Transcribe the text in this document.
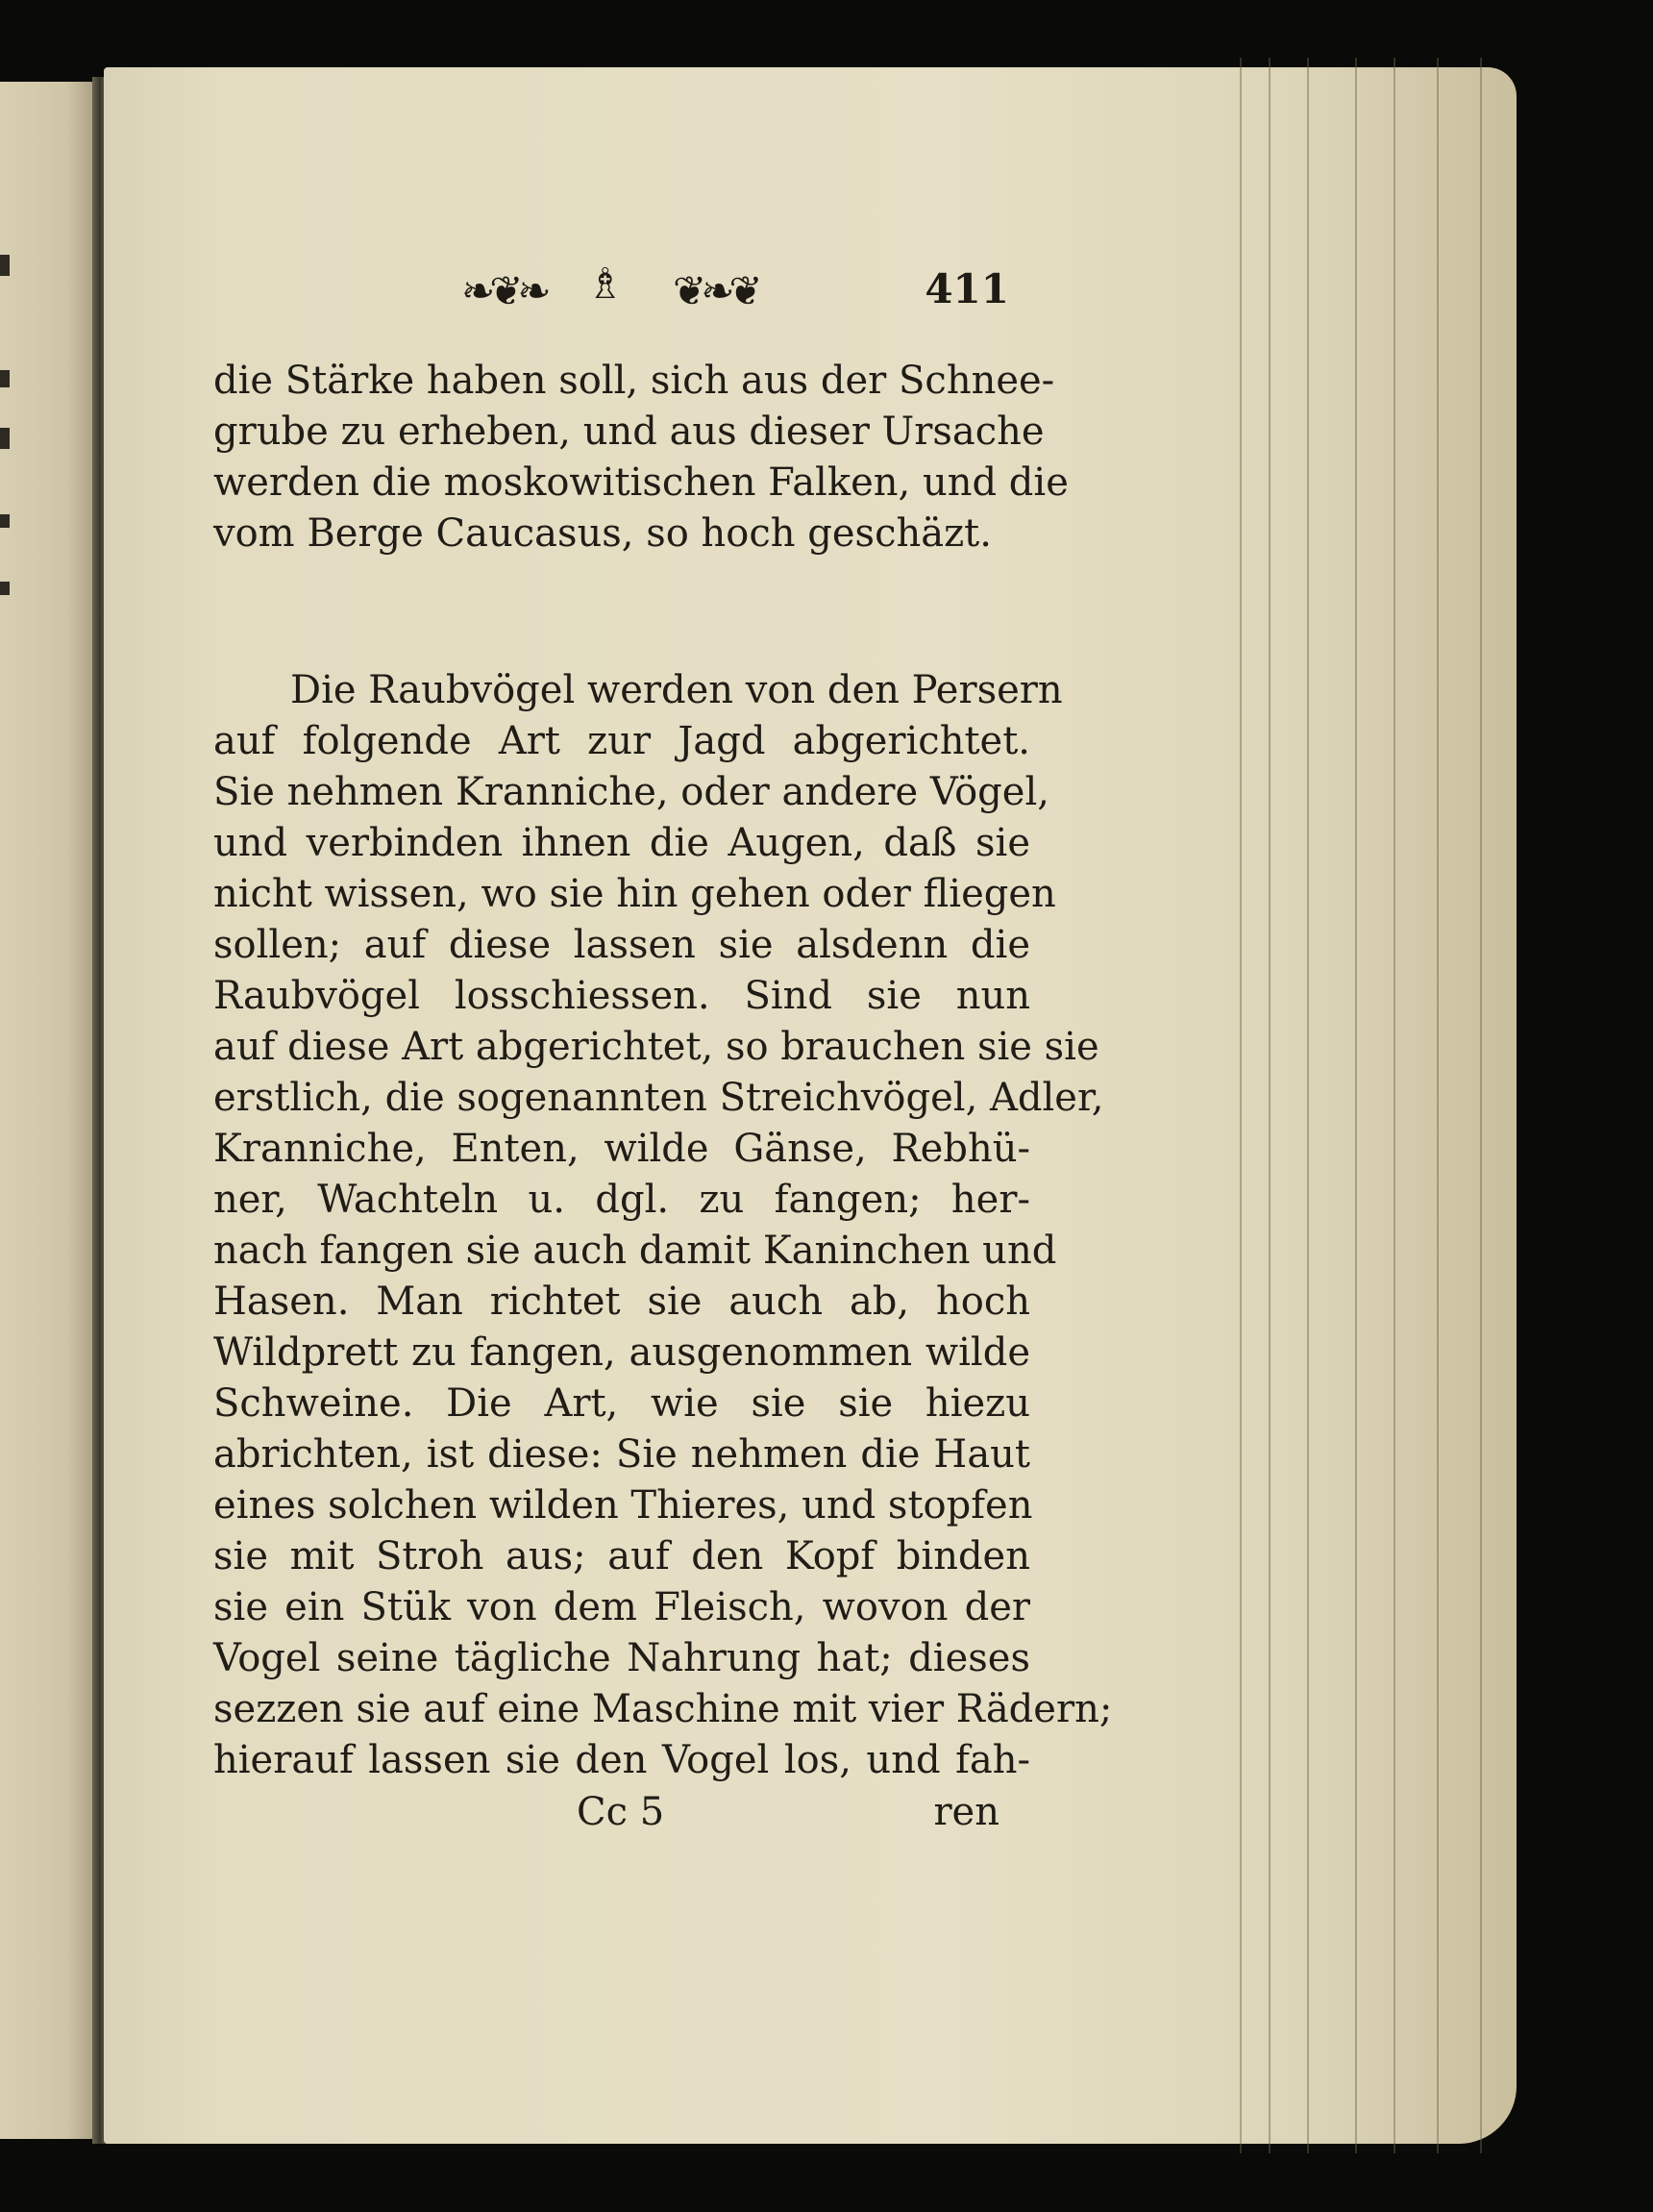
❧❦❧ ♗ ❦❧❦	411
die Stärke haben soll, sich aus der Schnee-
grube zu erheben, und aus dieser Ursache
werden die moskowitischen Falken, und die
vom Berge Caucasus, so hoch geschäzt.
Die Raubvögel werden von den Persern
auf folgende Art zur Jagd abgerichtet.
Sie nehmen Kranniche, oder andere Vögel,
und verbinden ihnen die Augen, daß sie
nicht wissen, wo sie hin gehen oder fliegen
sollen; auf diese lassen sie alsdenn die
Raubvögel losschiessen. Sind sie nun
auf diese Art abgerichtet, so brauchen sie sie
erstlich, die sogenannten Streichvögel, Adler,
Kranniche, Enten, wilde Gänse, Rebhü-
ner, Wachteln u. dgl. zu fangen; her-
nach fangen sie auch damit Kaninchen und
Hasen. Man richtet sie auch ab, hoch
Wildprett zu fangen, ausgenommen wilde
Schweine. Die Art, wie sie sie hiezu
abrichten, ist diese: Sie nehmen die Haut
eines solchen wilden Thieres, und stopfen
sie mit Stroh aus; auf den Kopf binden
sie ein Stük von dem Fleisch, wovon der
Vogel seine tägliche Nahrung hat; dieses
sezzen sie auf eine Maschine mit vier Rädern;
hierauf lassen sie den Vogel los, und fah-
Cc 5	ren
